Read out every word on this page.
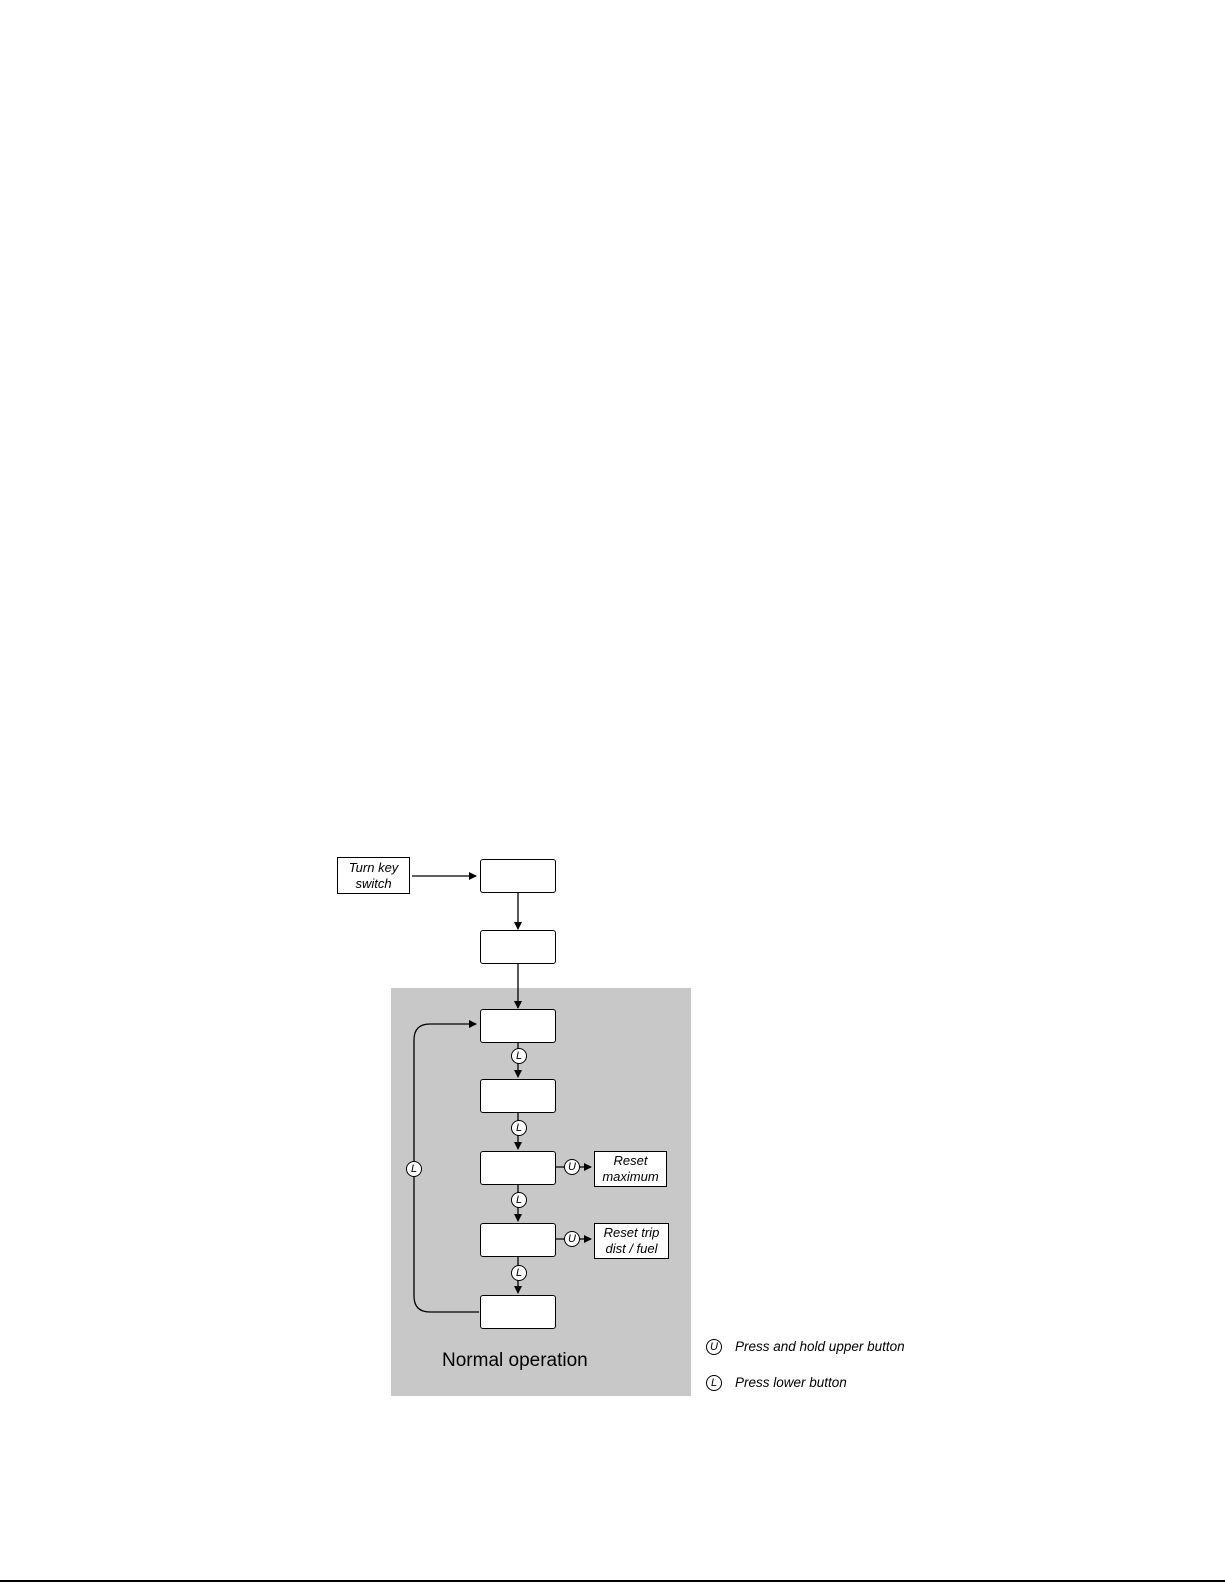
Turn key
switch

Reset
maximum
Reset trip
dist / fuel
L
L
L
L
L	U
U
Normal operation
U Press and hold upper button
L	Press lower button
